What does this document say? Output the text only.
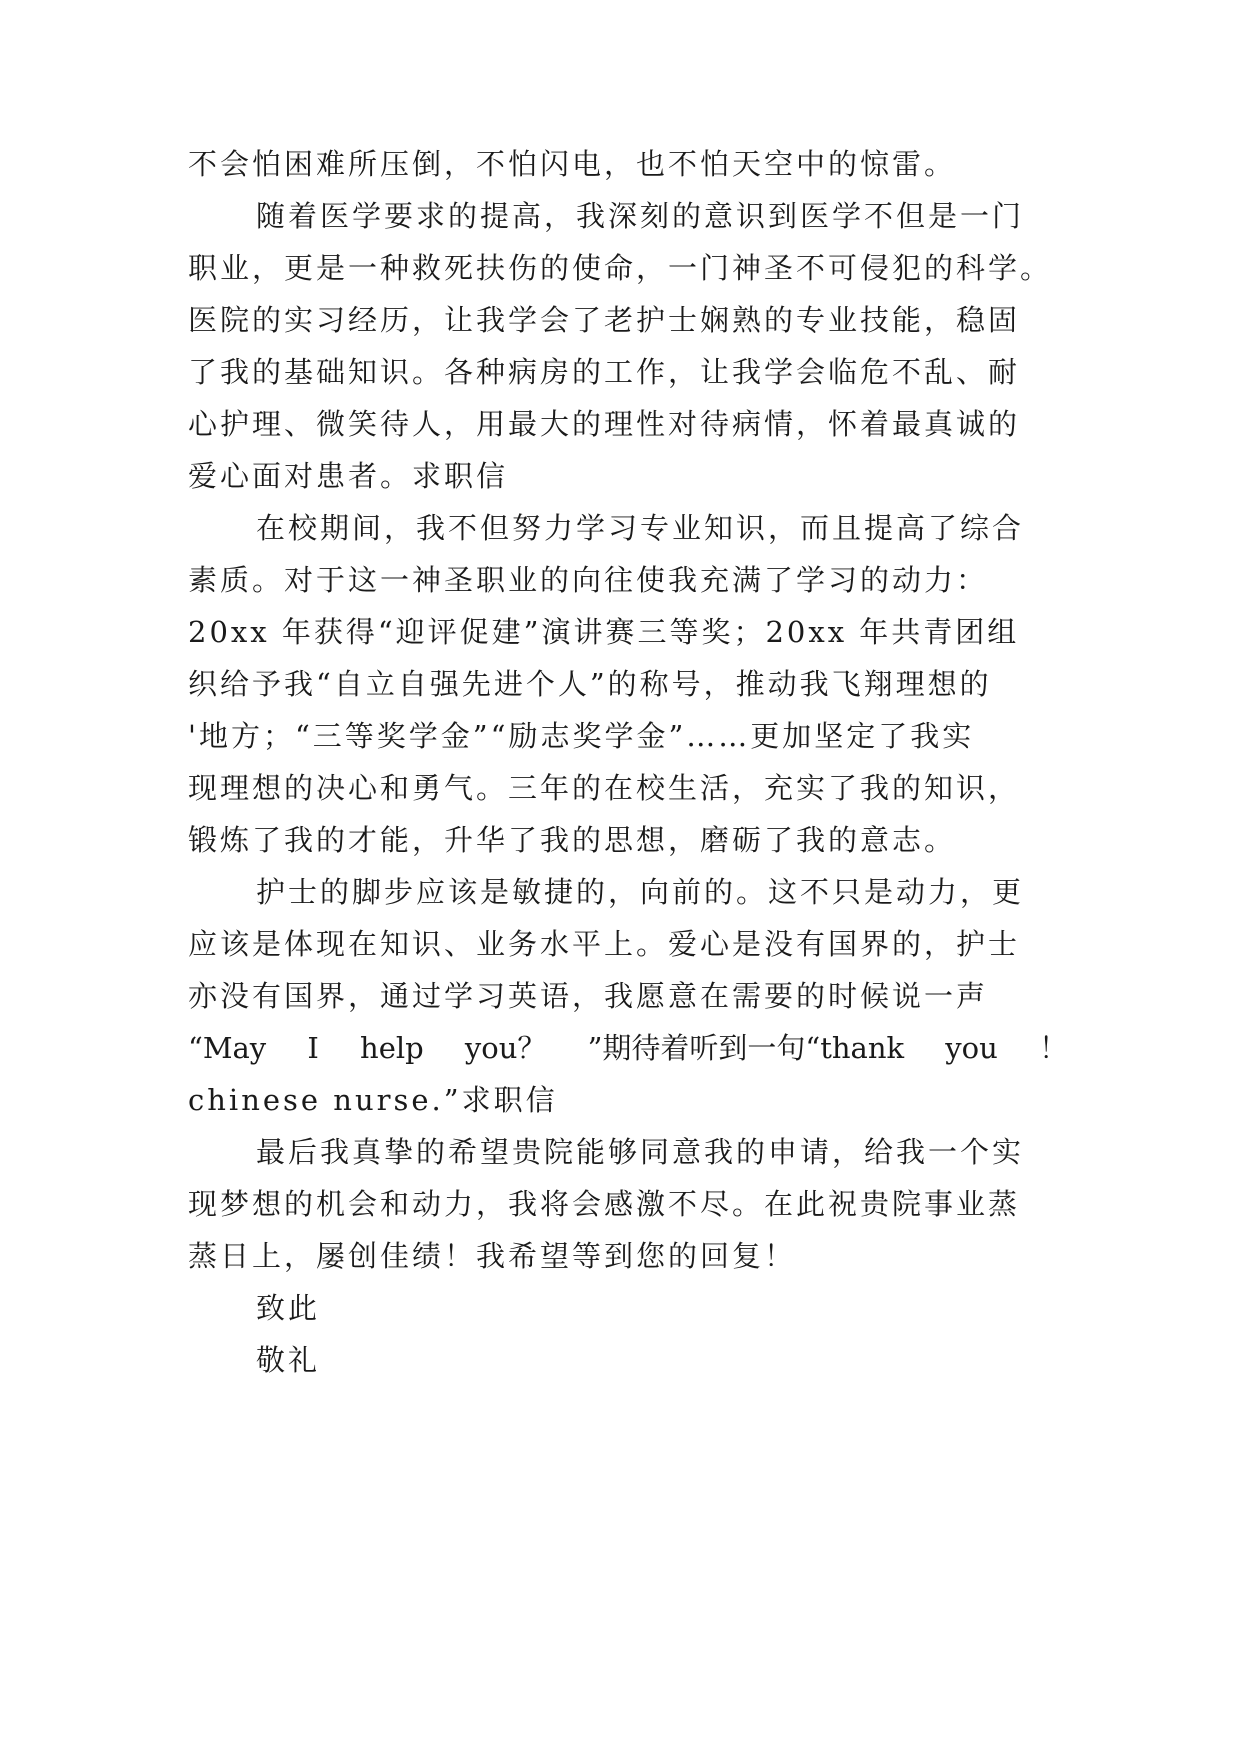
不会怕困难所压倒，不怕闪电，也不怕天空中的惊雷。
随着医学要求的提高，我深刻的意识到医学不但是一门
职业，更是一种救死扶伤的使命，一门神圣不可侵犯的科学。
医院的实习经历，让我学会了老护士娴熟的专业技能，稳固
了我的基础知识。各种病房的工作，让我学会临危不乱、耐
心护理、微笑待人，用最大的理性对待病情，怀着最真诚的
爱心面对患者。求职信
在校期间，我不但努力学习专业知识，而且提高了综合
素质。对于这一神圣职业的向往使我充满了学习的动力：
20xx 年获得“迎评促建”演讲赛三等奖；20xx 年共青团组
织给予我“自立自强先进个人”的称号，推动我飞翔理想的
'地方；“三等奖学金”“励志奖学金”……更加坚定了我实
现理想的决心和勇气。三年的在校生活，充实了我的知识，
锻炼了我的才能，升华了我的思想，磨砺了我的意志。
护士的脚步应该是敏捷的，向前的。这不只是动力，更
应该是体现在知识、业务水平上。爱心是没有国界的，护士
亦没有国界，通过学习英语，我愿意在需要的时候说一声
“May I help you？ ”期待着听到一句“thank you ！
chinese nurse.”求职信
最后我真挚的希望贵院能够同意我的申请，给我一个实
现梦想的机会和动力，我将会感激不尽。在此祝贵院事业蒸
蒸日上，屡创佳绩！我希望等到您的回复！
致此
敬礼
